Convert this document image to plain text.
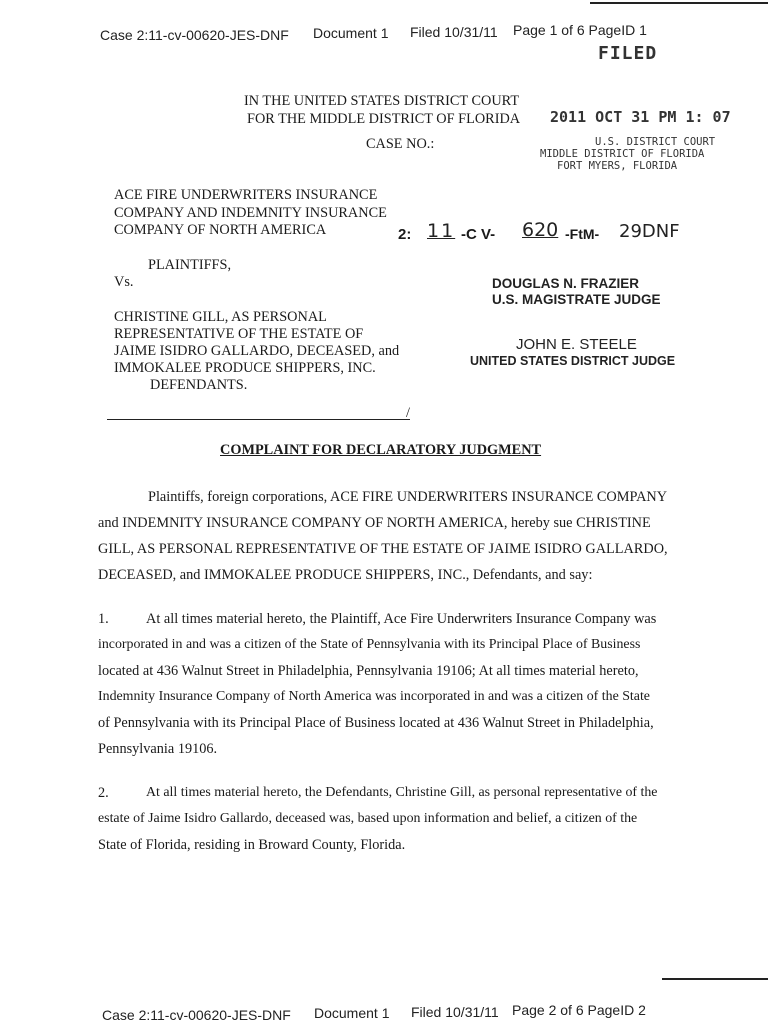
Case 2:11-cv-00620-JES-DNF Document 1 Filed 10/31/11 Page 1 of 6 PageID 1
FILED
2011 OCT 31 PM 1: 07
U.S. DISTRICT COURT
MIDDLE DISTRICT OF FLORIDA
FORT MYERS, FLORIDA
IN THE UNITED STATES DISTRICT COURT
FOR THE MIDDLE DISTRICT OF FLORIDA
CASE NO.:
ACE FIRE UNDERWRITERS INSURANCE
COMPANY AND INDEMNITY INSURANCE
COMPANY OF NORTH AMERICA
PLAINTIFFS,
2: 11 -C V- 620 -FtM- 29DNF
Vs.
CHRISTINE GILL, AS PERSONAL
REPRESENTATIVE OF THE ESTATE OF
JAIME ISIDRO GALLARDO, DECEASED, and
IMMOKALEE PRODUCE SHIPPERS, INC.
DEFENDANTS.
DOUGLAS N. FRAZIER
U.S. MAGISTRATE JUDGE
JOHN E. STEELE
UNITED STATES DISTRICT JUDGE
/
COMPLAINT FOR DECLARATORY JUDGMENT
Plaintiffs, foreign corporations, ACE FIRE UNDERWRITERS INSURANCE COMPANY
and INDEMNITY INSURANCE COMPANY OF NORTH AMERICA, hereby sue CHRISTINE
GILL, AS PERSONAL REPRESENTATIVE OF THE ESTATE OF JAIME ISIDRO GALLARDO,
DECEASED, and IMMOKALEE PRODUCE SHIPPERS, INC., Defendants, and say:
1.	At all times material hereto, the Plaintiff, Ace Fire Underwriters Insurance Company was
incorporated in and was a citizen of the State of Pennsylvania with its Principal Place of Business
located at 436 Walnut Street in Philadelphia, Pennsylvania 19106; At all times material hereto,
Indemnity Insurance Company of North America was incorporated in and was a citizen of the State
of Pennsylvania with its Principal Place of Business located at 436 Walnut Street in Philadelphia,
Pennsylvania 19106.
2.	At all times material hereto, the Defendants, Christine Gill, as personal representative of the
estate of Jaime Isidro Gallardo, deceased was, based upon information and belief, a citizen of the
State of Florida, residing in Broward County, Florida.
Case 2:11-cv-00620-JES-DNF Document 1 Filed 10/31/11 Page 2 of 6 PageID 2
